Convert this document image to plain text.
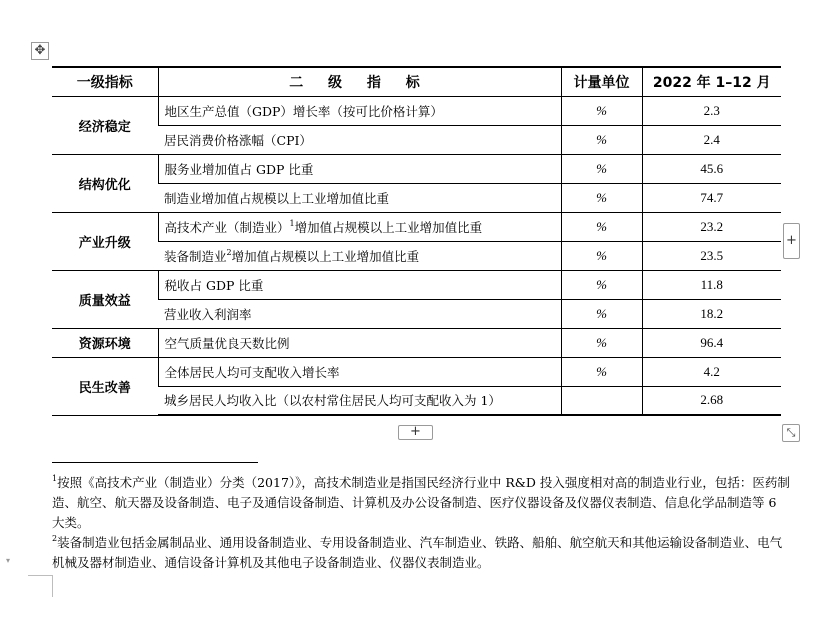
✥
一级指标	二 级 指 标	计量单位	2022 年 1–12 月
经济稳定	地区生产总值（GDP）增长率（按可比价格计算）	%	2.3
	居民消费价格涨幅（CPI）	%	2.4
结构优化	服务业增加值占 GDP 比重	%	45.6
	制造业增加值占规模以上工业增加值比重	%	74.7
产业升级	高技术产业（制造业）$^1$增加值占规模以上工业增加值比重	%	23.2
	装备制造业$^2$增加值占规模以上工业增加值比重	%	23.5
质量效益	税收占 GDP 比重	%	11.8
	营业收入利润率	%	18.2
资源环境	空气质量优良天数比例	%	96.4
民生改善	全体居民人均可支配收入增长率	%	4.2
	城乡居民人均收入比（以农村常住居民人均可支配收入为 1）		2.68
+
+	⤡
$^1$按照《高技术产业（制造业）分类（2017）》，高技术制造业是指国民经济行业中 R&D 投入强度相对高的制造业行业，包括：医药制造、航空、航天器及设备制造、电子及通信设备制造、计算机及办公设备制造、医疗仪器设备及仪器仪表制造、信息化学品制造等 6 大类。
$^2$装备制造业包括金属制品业、通用设备制造业、专用设备制造业、汽车制造业、铁路、船舶、航空航天和其他运输设备制造业、电气机械及器材制造业、通信设备计算机及其他电子设备制造业、仪器仪表制造业。
▾
